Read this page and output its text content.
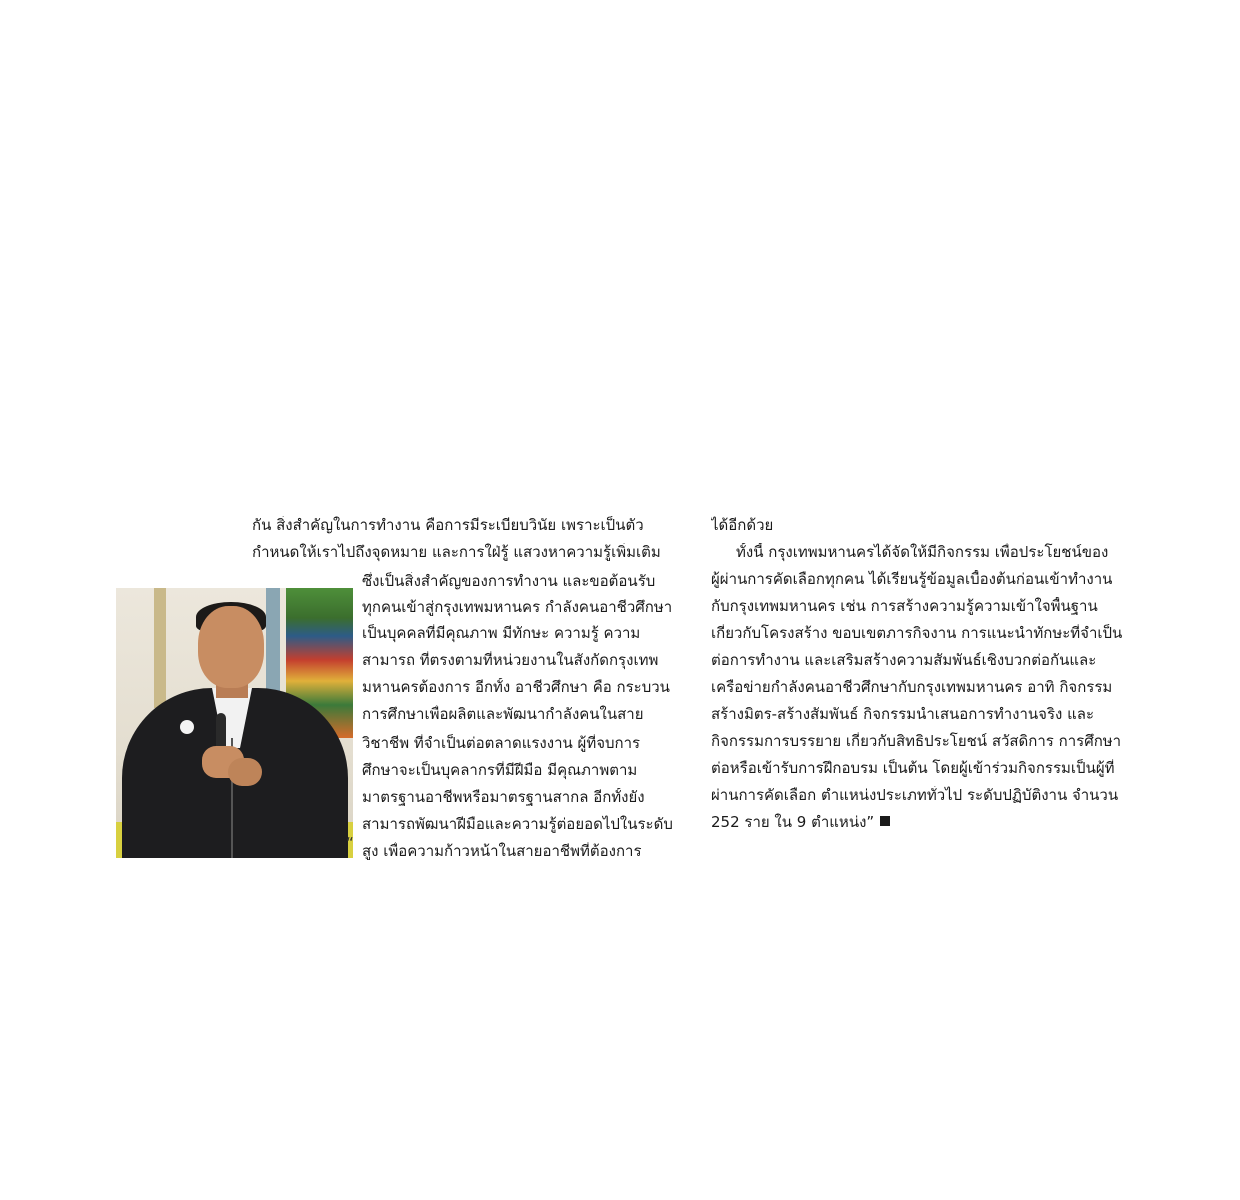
กัน สิ่งสำคัญในการทำงาน คือการมีระเบียบวินัย เพราะเป็นตัว
กำหนดให้เราไปถึงจุดหมาย และการใฝ่รู้ แสวงหาความรู้เพิ่มเติม
ซึ่งเป็นสิ่งสำคัญของการทำงาน และขอต้อนรับ
ทุกคนเข้าสู่กรุงเทพมหานคร กำลังคนอาชีวศึกษา
เป็นบุคคลที่มีคุณภาพ มีทักษะ ความรู้ ความ
สามารถ ที่ตรงตามที่หน่วยงานในสังกัดกรุงเทพ
มหานครต้องการ อีกทั้ง อาชีวศึกษา คือ กระบวน
การศึกษาเพื่อผลิตและพัฒนากำลังคนในสาย
วิชาชีพ ที่จำเป็นต่อตลาดแรงงาน ผู้ที่จบการ
ศึกษาจะเป็นบุคลากรที่มีฝีมือ มีคุณภาพตาม
มาตรฐานอาชีพหรือมาตรฐานสากล อีกทั้งยัง
สามารถพัฒนาฝีมือและความรู้ต่อยอดไปในระดับ
สูง เพื่อความก้าวหน้าในสายอาชีพที่ต้องการ
“
ได้อีกด้วย
ทั้งนี้ กรุงเทพมหานครได้จัดให้มีกิจกรรม เพื่อประโยชน์ของ
ผู้ผ่านการคัดเลือกทุกคน ได้เรียนรู้ข้อมูลเบื้องต้นก่อนเข้าทำงาน
กับกรุงเทพมหานคร เช่น การสร้างความรู้ความเข้าใจพื้นฐาน
เกี่ยวกับโครงสร้าง ขอบเขตภารกิจงาน การแนะนำทักษะที่จำเป็น
ต่อการทำงาน และเสริมสร้างความสัมพันธ์เชิงบวกต่อกันและ
เครือข่ายกำลังคนอาชีวศึกษากับกรุงเทพมหานคร อาทิ กิจกรรม
สร้างมิตร-สร้างสัมพันธ์ กิจกรรมนำเสนอการทำงานจริง และ
กิจกรรมการบรรยาย เกี่ยวกับสิทธิประโยชน์ สวัสดิการ การศึกษา
ต่อหรือเข้ารับการฝึกอบรม เป็นต้น โดยผู้เข้าร่วมกิจกรรมเป็นผู้ที่
ผ่านการคัดเลือก ตำแหน่งประเภททั่วไป ระดับปฏิบัติงาน จำนวน
252 ราย ใน 9 ตำแหน่ง”
